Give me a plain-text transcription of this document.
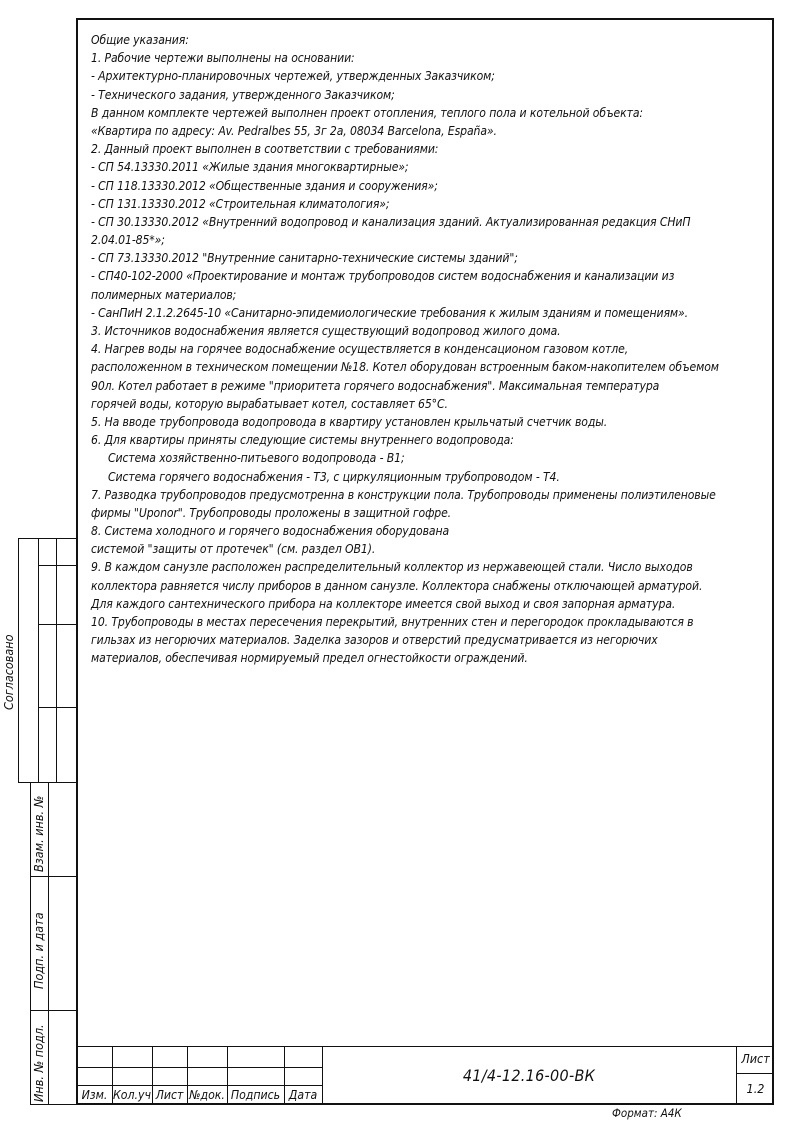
Общие указания:
1. Рабочие чертежи выполнены на основании:
- Архитектурно-планировочных чертежей, утвержденных Заказчиком;
- Технического задания, утвержденного Заказчиком;
В данном комплекте чертежей выполнен проект отопления, теплого пола и котельной объекта:
«Квартира по адресу: Av. Pedralbes 55, 3г 2а, 08034 Barcelona, España».
2. Данный проект выполнен в соответствии с требованиями:
- СП 54.13330.2011 «Жилые здания многоквартирные»;
- СП 118.13330.2012 «Общественные здания и сооружения»;
- СП 131.13330.2012 «Строительная климатология»;
- СП 30.13330.2012 «Внутренний водопровод и канализация зданий. Актуализированная редакция СНиП
2.04.01-85*»;
- СП 73.13330.2012 "Внутренние санитарно-технические системы зданий";
- СП40-102-2000 «Проектирование и монтаж трубопроводов систем водоснабжения и канализации из
полимерных материалов;
- СанПиН 2.1.2.2645-10 «Санитарно-эпидемиологические требования к жилым зданиям и помещениям».
3. Источников водоснабжения является существующий водопровод жилого дома.
4. Нагрев воды на горячее водоснабжение осуществляется в конденсационом газовом котле,
расположенном в техническом помещении №18. Котел оборудован встроенным баком-накопителем объемом
90л. Котел работает в режиме "приоритета горячего водоснабжения". Максимальная температура
горячей воды, которую вырабатывает котел, составляет 65°С.
5. На вводе трубопровода водопровода в квартиру установлен крыльчатый счетчик воды.
6. Для квартиры приняты следующие системы внутреннего водопровода:
Система хозяйственно-питьевого водопровода - В1;
Система горячего водоснабжения - Т3, с циркуляционным трубопроводом - Т4.
7. Разводка трубопроводов предусмотренна в конструкции пола. Трубопроводы применены полиэтиленовые
фирмы "Uponor". Трубопроводы проложены в защитной гофре.
8. Система холодного и горячего водоснабжения оборудована
системой "защиты от протечек" (см. раздел ОВ1).
9. В каждом санузле расположен распределительный коллектор из нержавеющей стали. Число выходов
коллектора равняется числу приборов в данном санузле. Коллектора снабжены отключающей арматурой.
Для каждого сантехнического прибора на коллекторе имеется свой выход и своя запорная арматура.
10. Трубопроводы в местах пересечения перекрытий, внутренних стен и перегородок прокладываются в
гильзах из негорючих материалов. Заделка зазоров и отверстий предусматривается из негорючих
материалов, обеспечивая нормируемый предел огнестойкости ограждений.
Согласовано
Взам. инв. №
Подп. и дата
Инв. № подл.	Изм. Кол.уч Лист №док. Подпись Дата
41/4-12.16-00-ВК
Лист
1.2
Формат: А4К
